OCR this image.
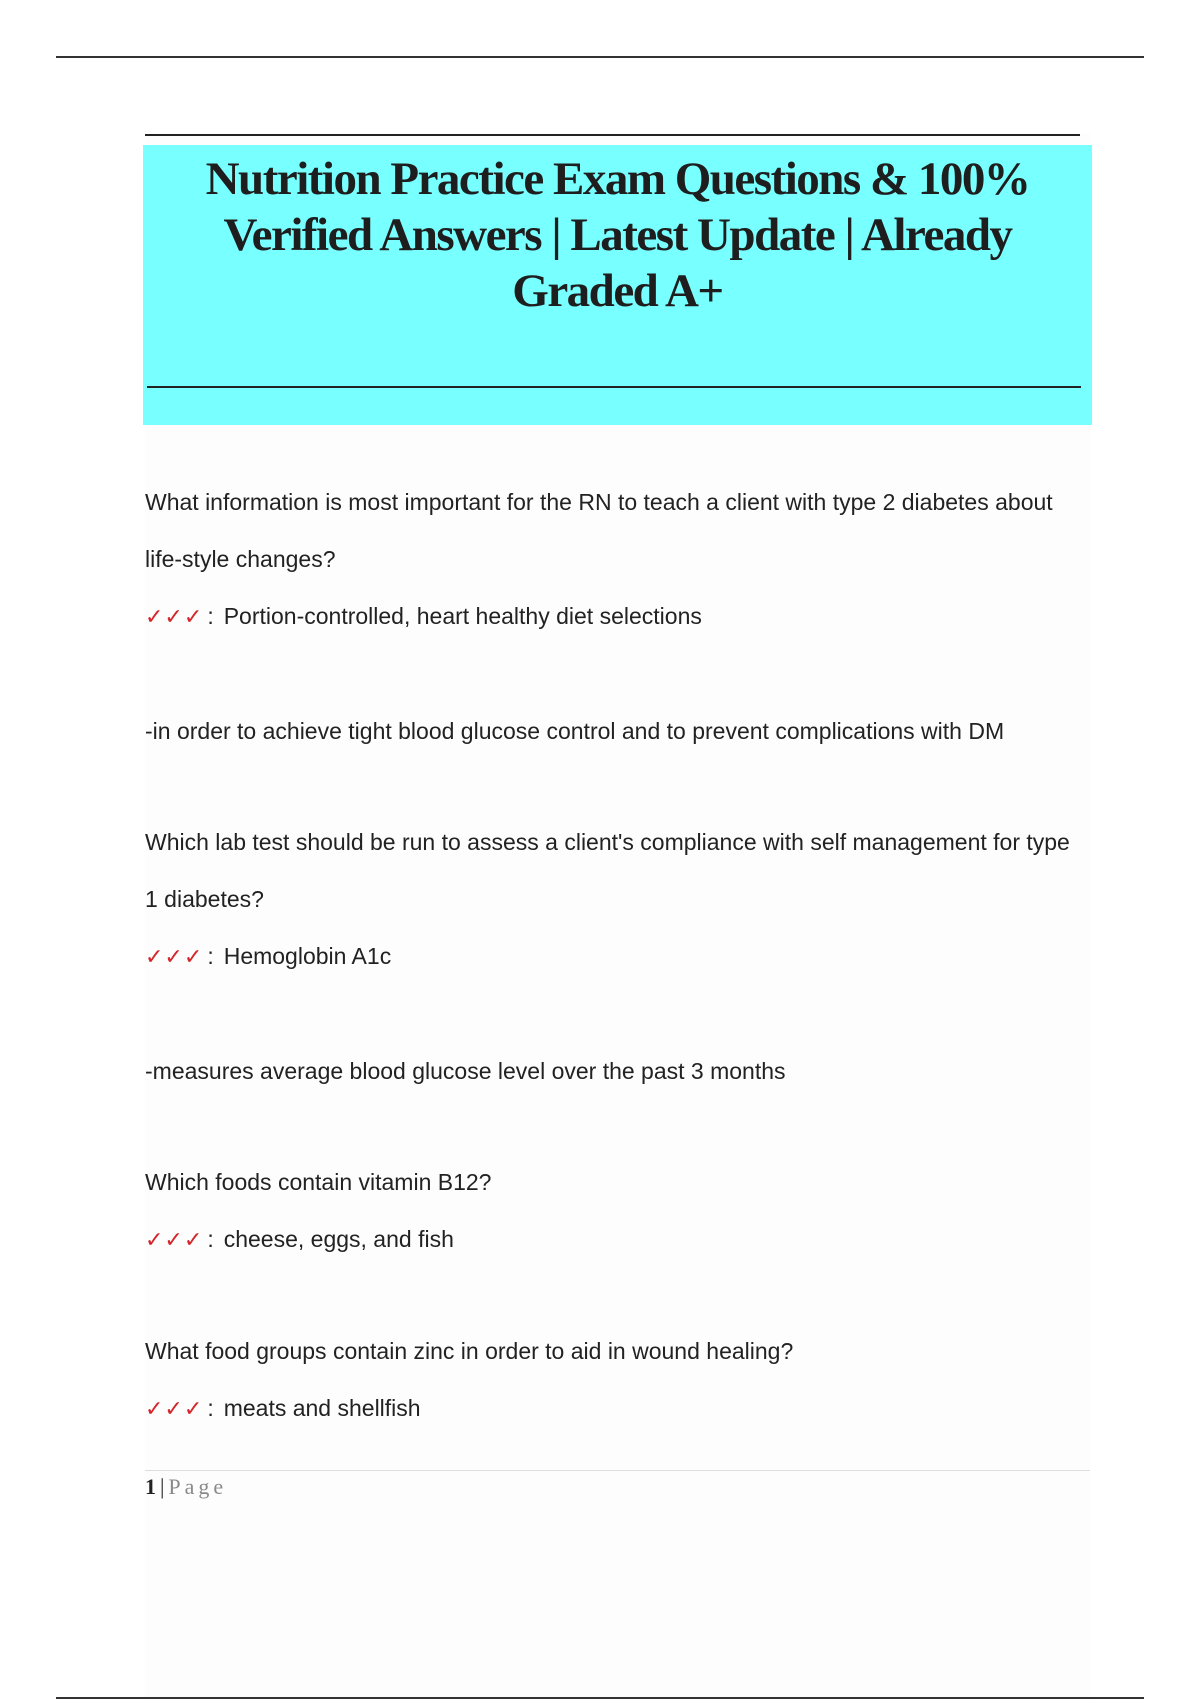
Nutrition Practice Exam Questions & 100% Verified Answers | Latest Update | Already Graded A+

What information is most important for the RN to teach a client with type 2 diabetes about life-style changes?

✓✓✓ : Portion-controlled, heart healthy diet selections

-in order to achieve tight blood glucose control and to prevent complications with DM

Which lab test should be run to assess a client's compliance with self management for type 1 diabetes?

✓✓✓ : Hemoglobin A1c

-measures average blood glucose level over the past 3 months

Which foods contain vitamin B12?

✓✓✓ : cheese, eggs, and fish

What food groups contain zinc in order to aid in wound healing?

✓✓✓ : meats and shellfish
1 | Page
